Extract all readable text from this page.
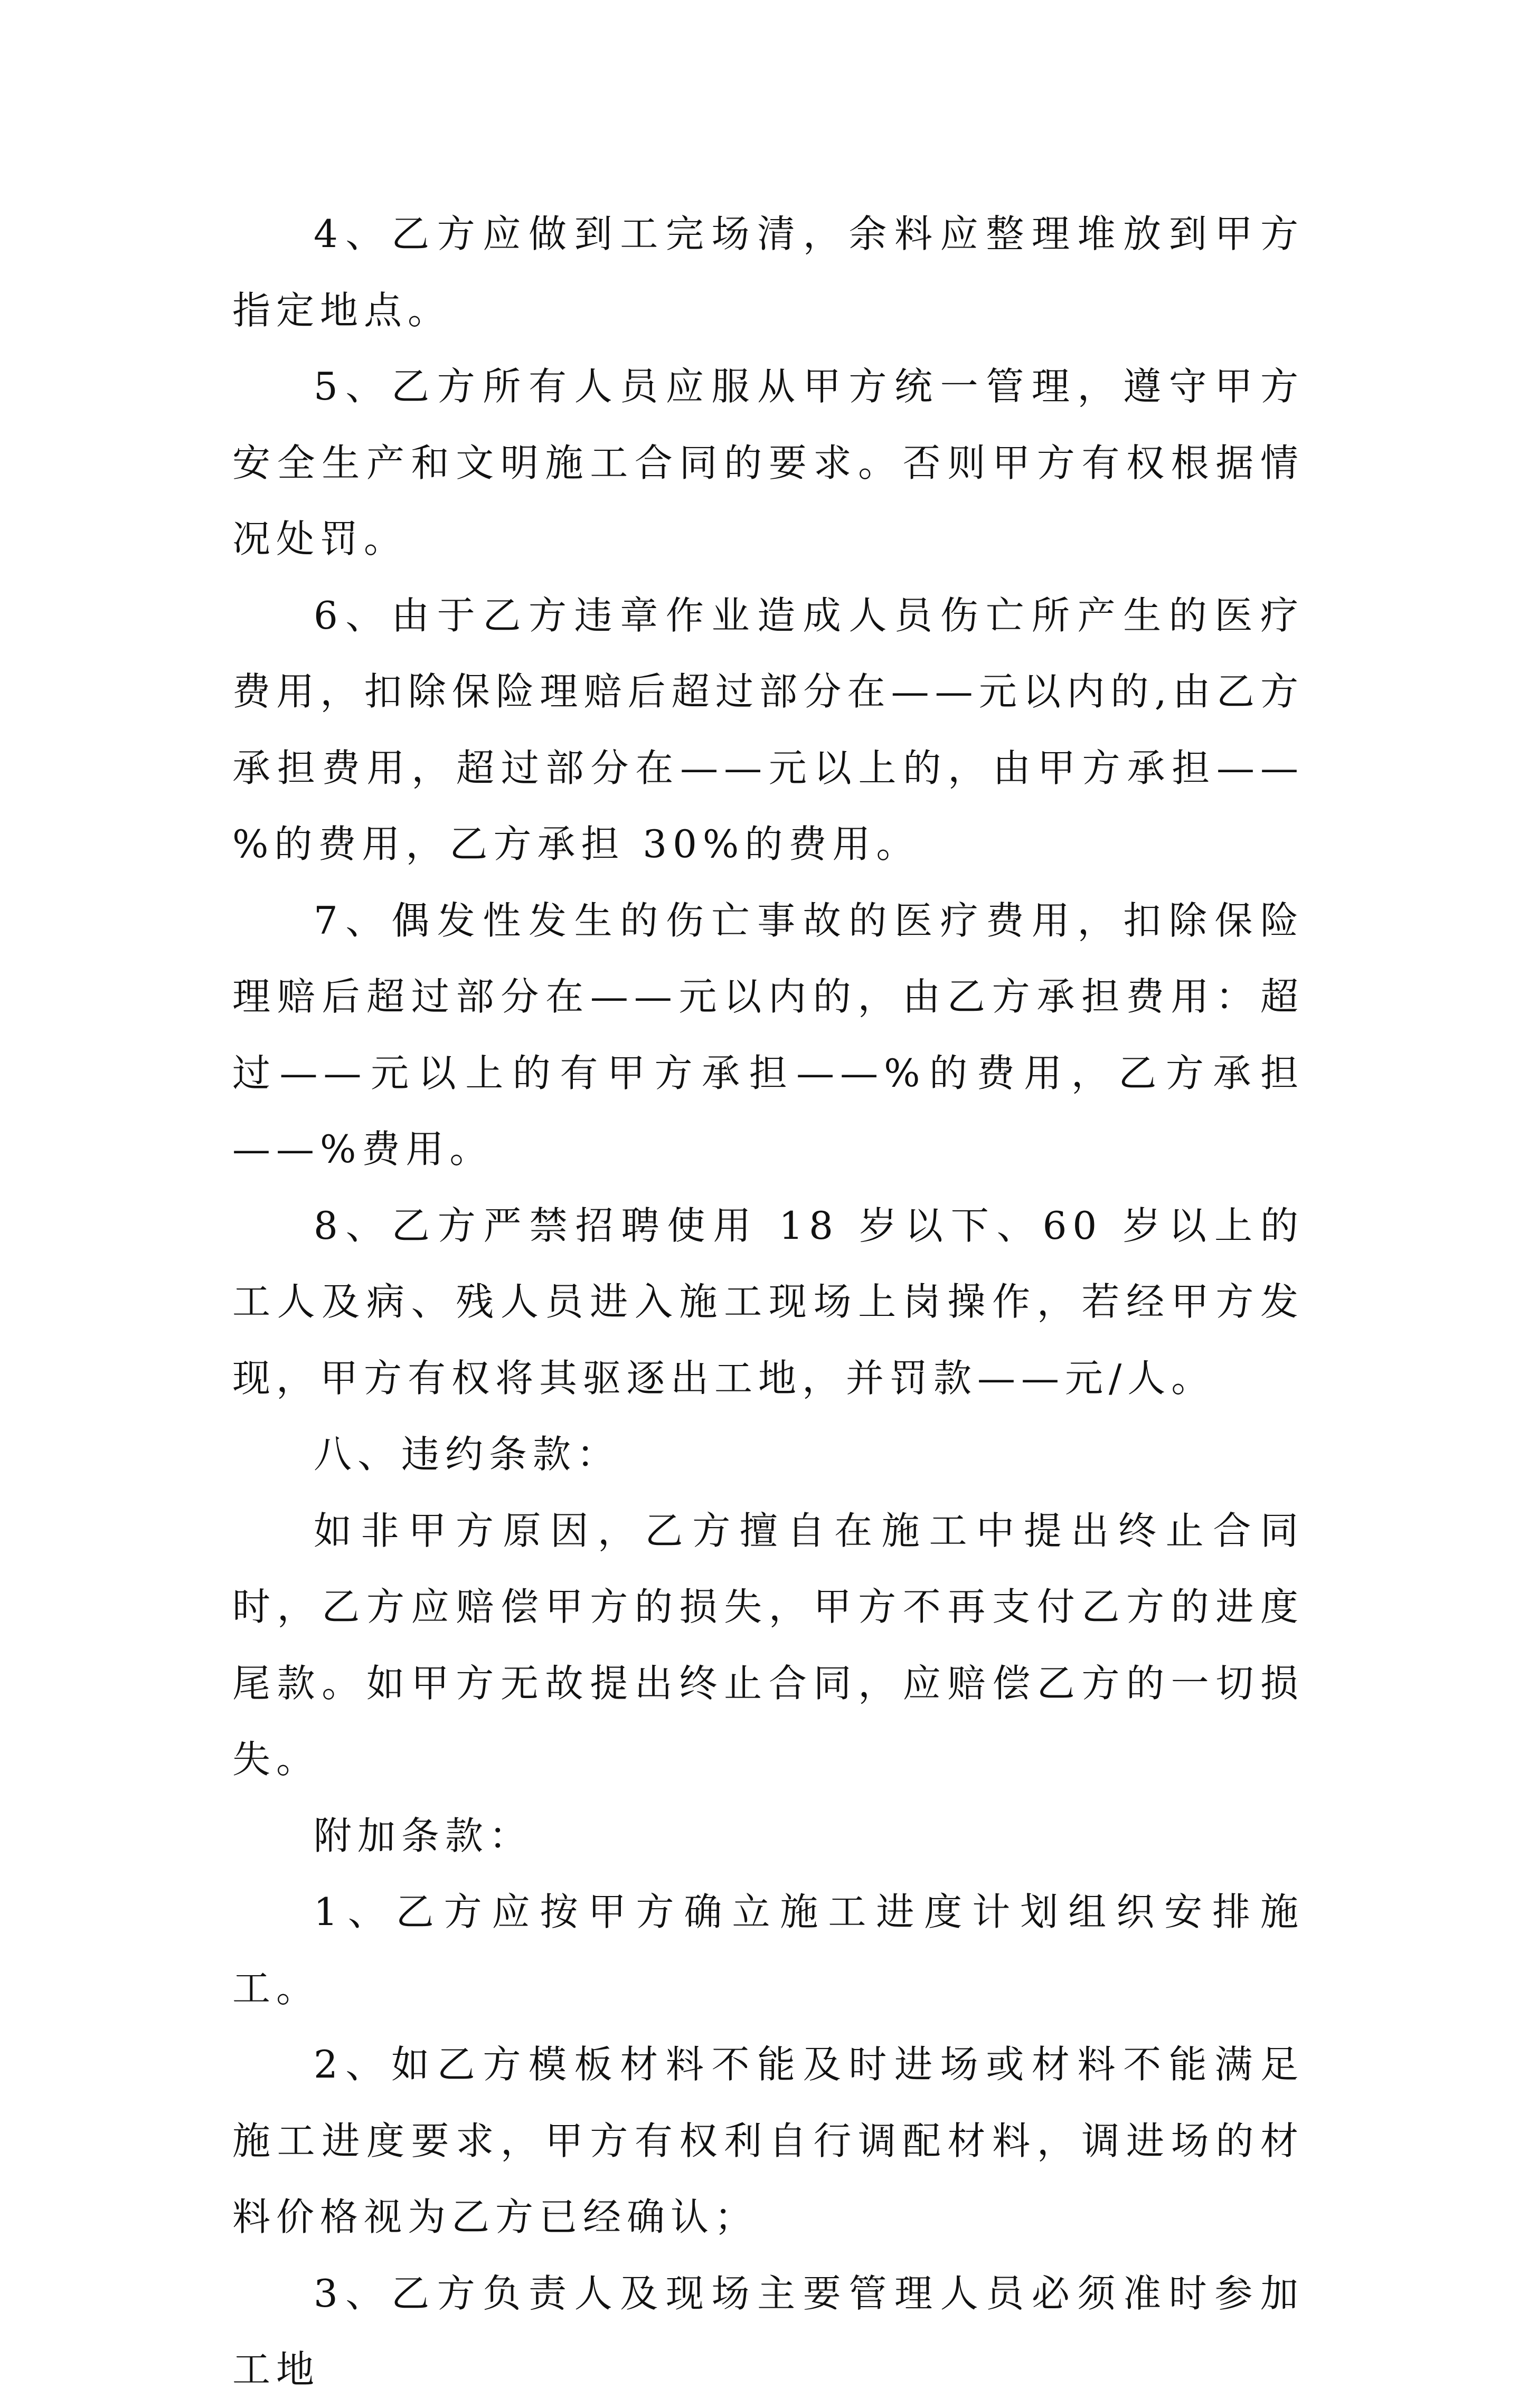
4、乙方应做到工完场清，余料应整理堆放到甲方指定地点。

5、乙方所有人员应服从甲方统一管理，遵守甲方安全生产和文明施工合同的要求。否则甲方有权根据情况处罚。

6、由于乙方违章作业造成人员伤亡所产生的医疗费用，扣除保险理赔后超过部分在——元以内的,由乙方承担费用，超过部分在——元以上的，由甲方承担——%的费用，乙方承担 30%的费用。

7、偶发性发生的伤亡事故的医疗费用，扣除保险理赔后超过部分在——元以内的，由乙方承担费用：超过——元以上的有甲方承担——%的费用，乙方承担——%费用。

8、乙方严禁招聘使用 18 岁以下、60 岁以上的工人及病、残人员进入施工现场上岗操作，若经甲方发现，甲方有权将其驱逐出工地，并罚款——元/人。

八、违约条款：

如非甲方原因，乙方擅自在施工中提出终止合同时，乙方应赔偿甲方的损失，甲方不再支付乙方的进度尾款。如甲方无故提出终止合同，应赔偿乙方的一切损失。

附加条款：

1、乙方应按甲方确立施工进度计划组织安排施工。

2、如乙方模板材料不能及时进场或材料不能满足施工进度要求，甲方有权利自行调配材料，调进场的材料价格视为乙方已经确认；

3、乙方负责人及现场主要管理人员必须准时参加工地
